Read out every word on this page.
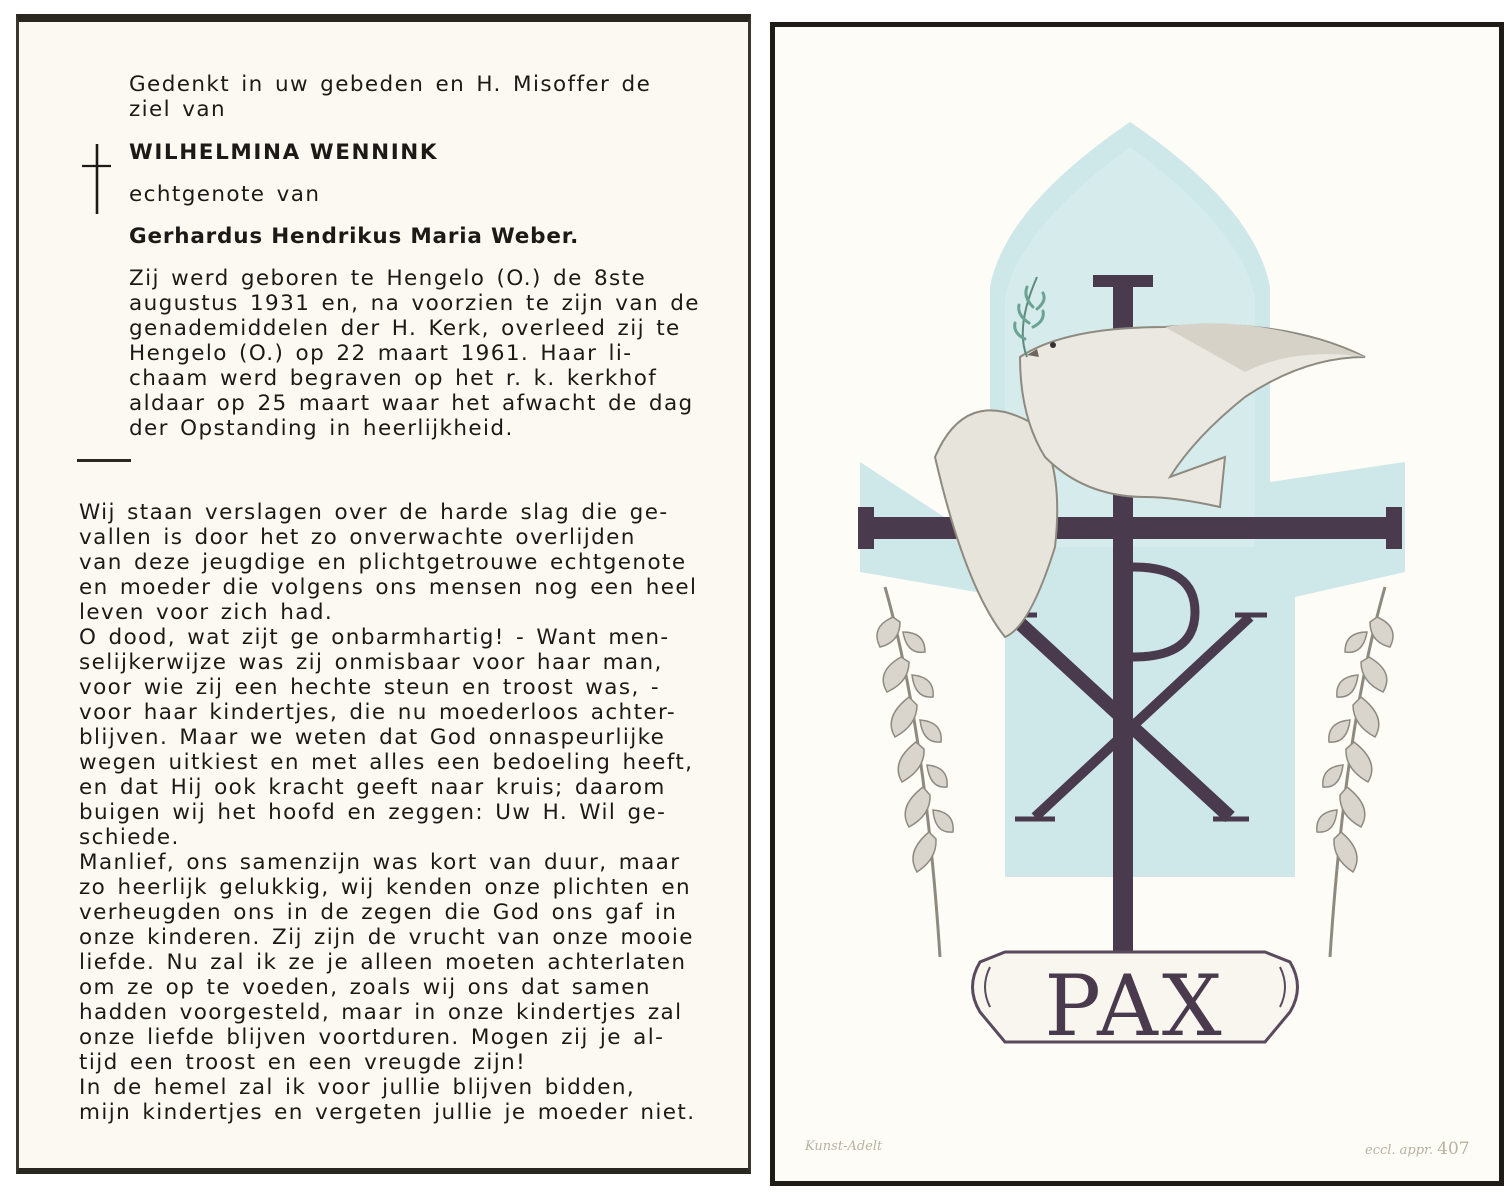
Gedenkt in uw gebeden en H. Misoffer de
ziel van

WILHELMINA WENNINK

echtgenote van

Gerhardus Hendrikus Maria Weber.

Zij werd geboren te Hengelo (O.) de 8ste
augustus 1931 en, na voorzien te zijn van de
genademiddelen der H. Kerk, overleed zij te
Hengelo (O.) op 22 maart 1961. Haar li-
chaam werd begraven op het r. k. kerkhof
aldaar op 25 maart waar het afwacht de dag
der Opstanding in heerlijkheid.

Wij staan verslagen over de harde slag die ge-
vallen is door het zo onverwachte overlijden
van deze jeugdige en plichtgetrouwe echtgenote
en moeder die volgens ons mensen nog een heel
leven voor zich had.
O dood, wat zijt ge onbarmhartig! - Want men-
selijkerwijze was zij onmisbaar voor haar man,
voor wie zij een hechte steun en troost was, -
voor haar kindertjes, die nu moederloos achter-
blijven. Maar we weten dat God onnaspeurlijke
wegen uitkiest en met alles een bedoeling heeft,
en dat Hij ook kracht geeft naar kruis; daarom
buigen wij het hoofd en zeggen: Uw H. Wil ge-
schiede.
Manlief, ons samenzijn was kort van duur, maar
zo heerlijk gelukkig, wij kenden onze plichten en
verheugden ons in de zegen die God ons gaf in
onze kinderen. Zij zijn de vrucht van onze mooie
liefde. Nu zal ik ze je alleen moeten achterlaten
om ze op te voeden, zoals wij ons dat samen
hadden voorgesteld, maar in onze kindertjes zal
onze liefde blijven voortduren. Mogen zij je al-
tijd een troost en een vreugde zijn!
In de hemel zal ik voor jullie blijven bidden,
mijn kindertjes en vergeten jullie je moeder niet.

PAX

Kunst-Adelt	eccl. appr. 407
